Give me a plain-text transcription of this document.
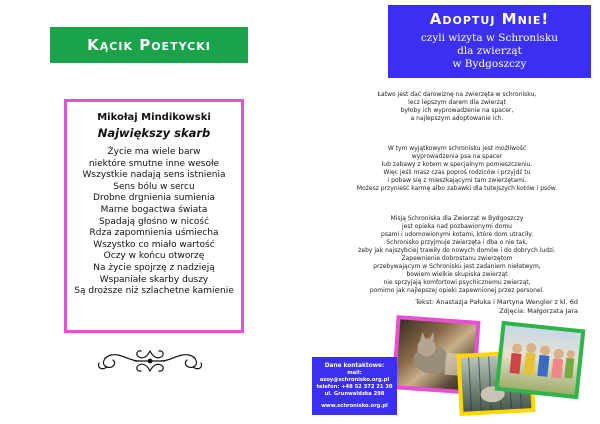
Kącik Poetycki
Mikołaj Mindikowski
Największy skarb
Życie ma wiele barw
niektóre smutne inne wesołe
Wszystkie nadają sens istnienia
Sens bólu w sercu
Drobne drgnienia sumienia
Marne bogactwa świata
Spadają głośno w nicość
Rdza zapomnienia uśmiecha
Wszystko co miało wartość
Oczy w końcu otworzę
Na życie spojrzę z nadzieją
Wspaniałe skarby duszy
Są droższe niż szlachetne kamienie
Adoptuj Mnie!
czyli wizyta w Schronisku
dla zwierząt
w Bydgoszczy

Łatwo jest dać darowiznę na zwierzęta w schronisku,
lecz lepszym darem dla zwierząt
byłoby ich wyprowadzenie na spacer,
a najlepszym adoptowanie ich.

W tym wyjątkowym schronisku jest możliwość
wyprowadzenia psa na spacer
lub zabawy z kotem w specjalnym pomieszczeniu.
Więc jeśli masz czas poproś rodziców i przyjdź tu
i pobaw się z mieszkającymi tam zwierzętami.
Możesz przynieść karmę albo zabawki dla tutejszych kotów i psów.

Misją Schroniska dla Zwierząt w Bydgoszczy
jest opieka nad pozbawionymi domu
psami i udomowionymi kotami, które dom utraciły.
Schronisko przyjmuje zwierzęta i dba o nie tak,
żeby jak najszybciej trawiły do nowych domów i do dobrych ludzi.
Zapewnienie dobrostanu zwierzętom
przebywającym w Schronisku jest zadaniem niełatwym,
bowiem wielkie skupiska zwierząt
nie sprzyjają komfortowi psychicznemu zwierząt,
pomimo jak najlepszej opieki zapewnionej przez personel.

Tekst: Anastazja Pałuka i Martyna Wengler z kl. 6d
Zdjęcia: Małgorzata Jara
Dane kontaktowe:
mail: azoy@schronisko.org.pl
telefon: +48 52 372 21 30
ul. Grunwaldzka 298
www.schronisko.org.pl
